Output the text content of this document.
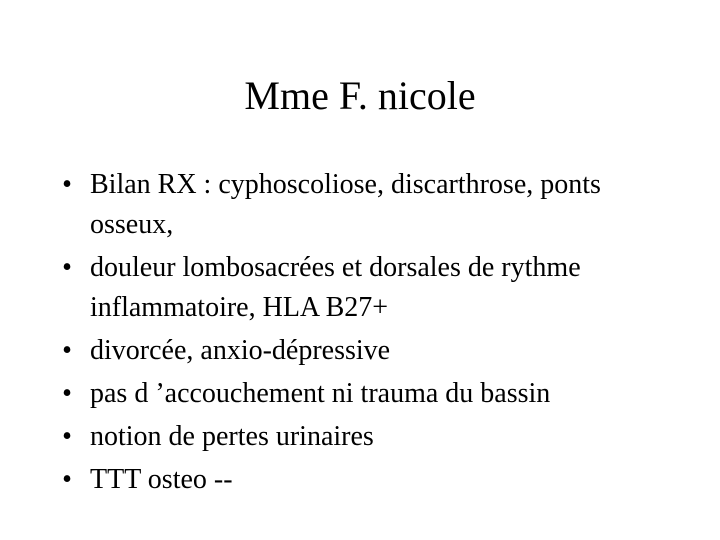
Mme F. nicole
• Bilan RX : cyphoscoliose, discarthrose, ponts osseux,
• douleur lombosacrées et dorsales de rythme inflammatoire, HLA B27+
• divorcée, anxio-dépressive
• pas d ’accouchement ni trauma du bassin
• notion de pertes urinaires
• TTT osteo --
